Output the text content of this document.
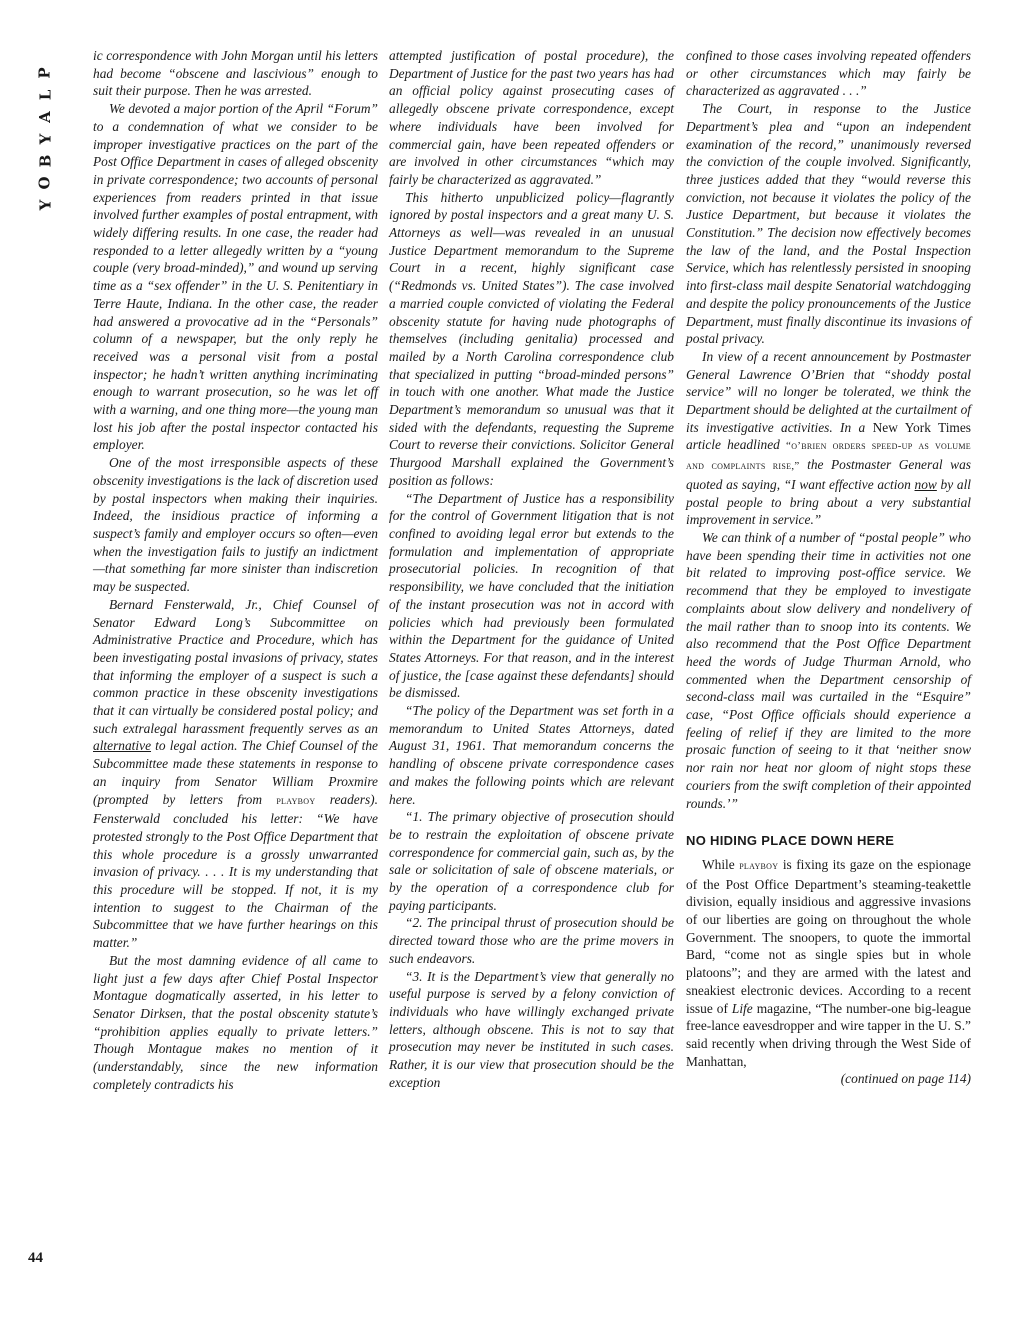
P
L
A
Y
B
O
Y
44

ic correspondence with John Morgan until his letters had become “obscene and lascivious” enough to suit their purpose. Then he was arrested.

We devoted a major portion of the April “Forum” to a condemnation of what we consider to be improper investigative practices on the part of the Post Office Department in cases of alleged obscenity in private correspondence; two accounts of personal experiences from readers printed in that issue involved further examples of postal entrapment, with widely differing results. In one case, the reader had responded to a letter allegedly written by a “young couple (very broad-minded),” and wound up serving time as a “sex offender” in the U. S. Penitentiary in Terre Haute, Indiana. In the other case, the reader had answered a provocative ad in the “Personals” column of a newspaper, but the only reply he received was a personal visit from a postal inspector; he hadn’t written anything incriminating enough to warrant prosecution, so he was let off with a warning, and one thing more—the young man lost his job after the postal inspector contacted his employer.

One of the most irresponsible aspects of these obscenity investigations is the lack of discretion used by postal inspectors when making their inquiries. Indeed, the insidious practice of informing a suspect’s family and employer occurs so often—even when the investigation fails to justify an indictment—that something far more sinister than indiscretion may be suspected.

Bernard Fensterwald, Jr., Chief Counsel of Senator Edward Long’s Subcommittee on Administrative Practice and Procedure, which has been investigating postal invasions of privacy, states that informing the employer of a suspect is such a common practice in these obscenity investigations that it can virtually be considered postal policy; and such extralegal harassment frequently serves as an alternative to legal action. The Chief Counsel of the Subcommittee made these statements in response to an inquiry from Senator William Proxmire (prompted by letters from playboy readers). Fensterwald concluded his letter: “We have protested strongly to the Post Office Department that this whole procedure is a grossly unwarranted invasion of privacy. . . . It is my understanding that this procedure will be stopped. If not, it is my intention to suggest to the Chairman of the Subcommittee that we have further hearings on this matter.”

But the most damning evidence of all came to light just a few days after Chief Postal Inspector Montague dogmatically asserted, in his letter to Senator Dirksen, that the postal obscenity statute’s “prohibition applies equally to private letters.” Though Montague makes no mention of it (understandably, since the new information completely contradicts his

attempted justification of postal procedure), the Department of Justice for the past two years has had an official policy against prosecuting cases of allegedly obscene private correspondence, except where individuals have been involved for commercial gain, have been repeated offenders or are involved in other circumstances “which may fairly be characterized as aggravated.”

This hitherto unpublicized policy—flagrantly ignored by postal inspectors and a great many U. S. Attorneys as well—was revealed in an unusual Justice Department memorandum to the Supreme Court in a recent, highly significant case (“Redmonds vs. United States”). The case involved a married couple convicted of violating the Federal obscenity statute for having nude photographs of themselves (including genitalia) processed and mailed by a North Carolina correspondence club that specialized in putting “broad-minded persons” in touch with one another. What made the Justice Department’s memorandum so unusual was that it sided with the defendants, requesting the Supreme Court to reverse their convictions. Solicitor General Thurgood Marshall explained the Government’s position as follows:

“The Department of Justice has a responsibility for the control of Government litigation that is not confined to avoiding legal error but extends to the formulation and implementation of appropriate prosecutorial policies. In recognition of that responsibility, we have concluded that the initiation of the instant prosecution was not in accord with policies which had previously been formulated within the Department for the guidance of United States Attorneys. For that reason, and in the interest of justice, the [case against these defendants] should be dismissed.

“The policy of the Department was set forth in a memorandum to United States Attorneys, dated August 31, 1961. That memorandum concerns the handling of obscene private correspondence cases and makes the following points which are relevant here.

“1. The primary objective of prosecution should be to restrain the exploitation of obscene private correspondence for commercial gain, such as, by the sale or solicitation of sale of obscene materials, or by the operation of a correspondence club for paying participants.

“2. The principal thrust of prosecution should be directed toward those who are the prime movers in such endeavors.

“3. It is the Department’s view that generally no useful purpose is served by a felony conviction of individuals who have willingly exchanged private letters, although obscene. This is not to say that prosecution may never be instituted in such cases. Rather, it is our view that prosecution should be the exception

confined to those cases involving repeated offenders or other circumstances which may fairly be characterized as aggravated . . .”

The Court, in response to the Justice Department’s plea and “upon an independent examination of the record,” unanimously reversed the conviction of the couple involved. Significantly, three justices added that they “would reverse this conviction, not because it violates the policy of the Justice Department, but because it violates the Constitution.” The decision now effectively becomes the law of the land, and the Postal Inspection Service, which has relentlessly persisted in snooping into first-class mail despite Senatorial watchdogging and despite the policy pronouncements of the Justice Department, must finally discontinue its invasions of postal privacy.

In view of a recent announcement by Postmaster General Lawrence O’Brien that “shoddy postal service” will no longer be tolerated, we think the Department should be delighted at the curtailment of its investigative activities. In a New York Times article headlined “o’brien orders speed-up as volume and complaints rise,” the Postmaster General was quoted as saying, “I want effective action now by all postal people to bring about a very substantial improvement in service.”

We can think of a number of “postal people” who have been spending their time in activities not one bit related to improving post-office service. We recommend that they be employed to investigate complaints about slow delivery and nondelivery of the mail rather than to snoop into its contents. We also recommend that the Post Office Department heed the words of Judge Thurman Arnold, who commented when the Department censorship of second-class mail was curtailed in the “Esquire” case, “Post Office officials should experience a feeling of relief if they are limited to the more prosaic function of seeing to it that ‘neither snow nor rain nor heat nor gloom of night stops these couriers from the swift completion of their appointed rounds.’”

NO HIDING PLACE DOWN HERE

While playboy is fixing its gaze on the espionage of the Post Office Department’s steaming-teakettle division, equally insidious and aggressive invasions of our liberties are going on throughout the whole Government. The snoopers, to quote the immortal Bard, “come not as single spies but in whole platoons”; and they are armed with the latest and sneakiest electronic devices. According to a recent issue of Life magazine, “The number-one big-league free-lance eavesdropper and wire tapper in the U. S.” said recently when driving through the West Side of Manhattan,

(continued on page 114)
